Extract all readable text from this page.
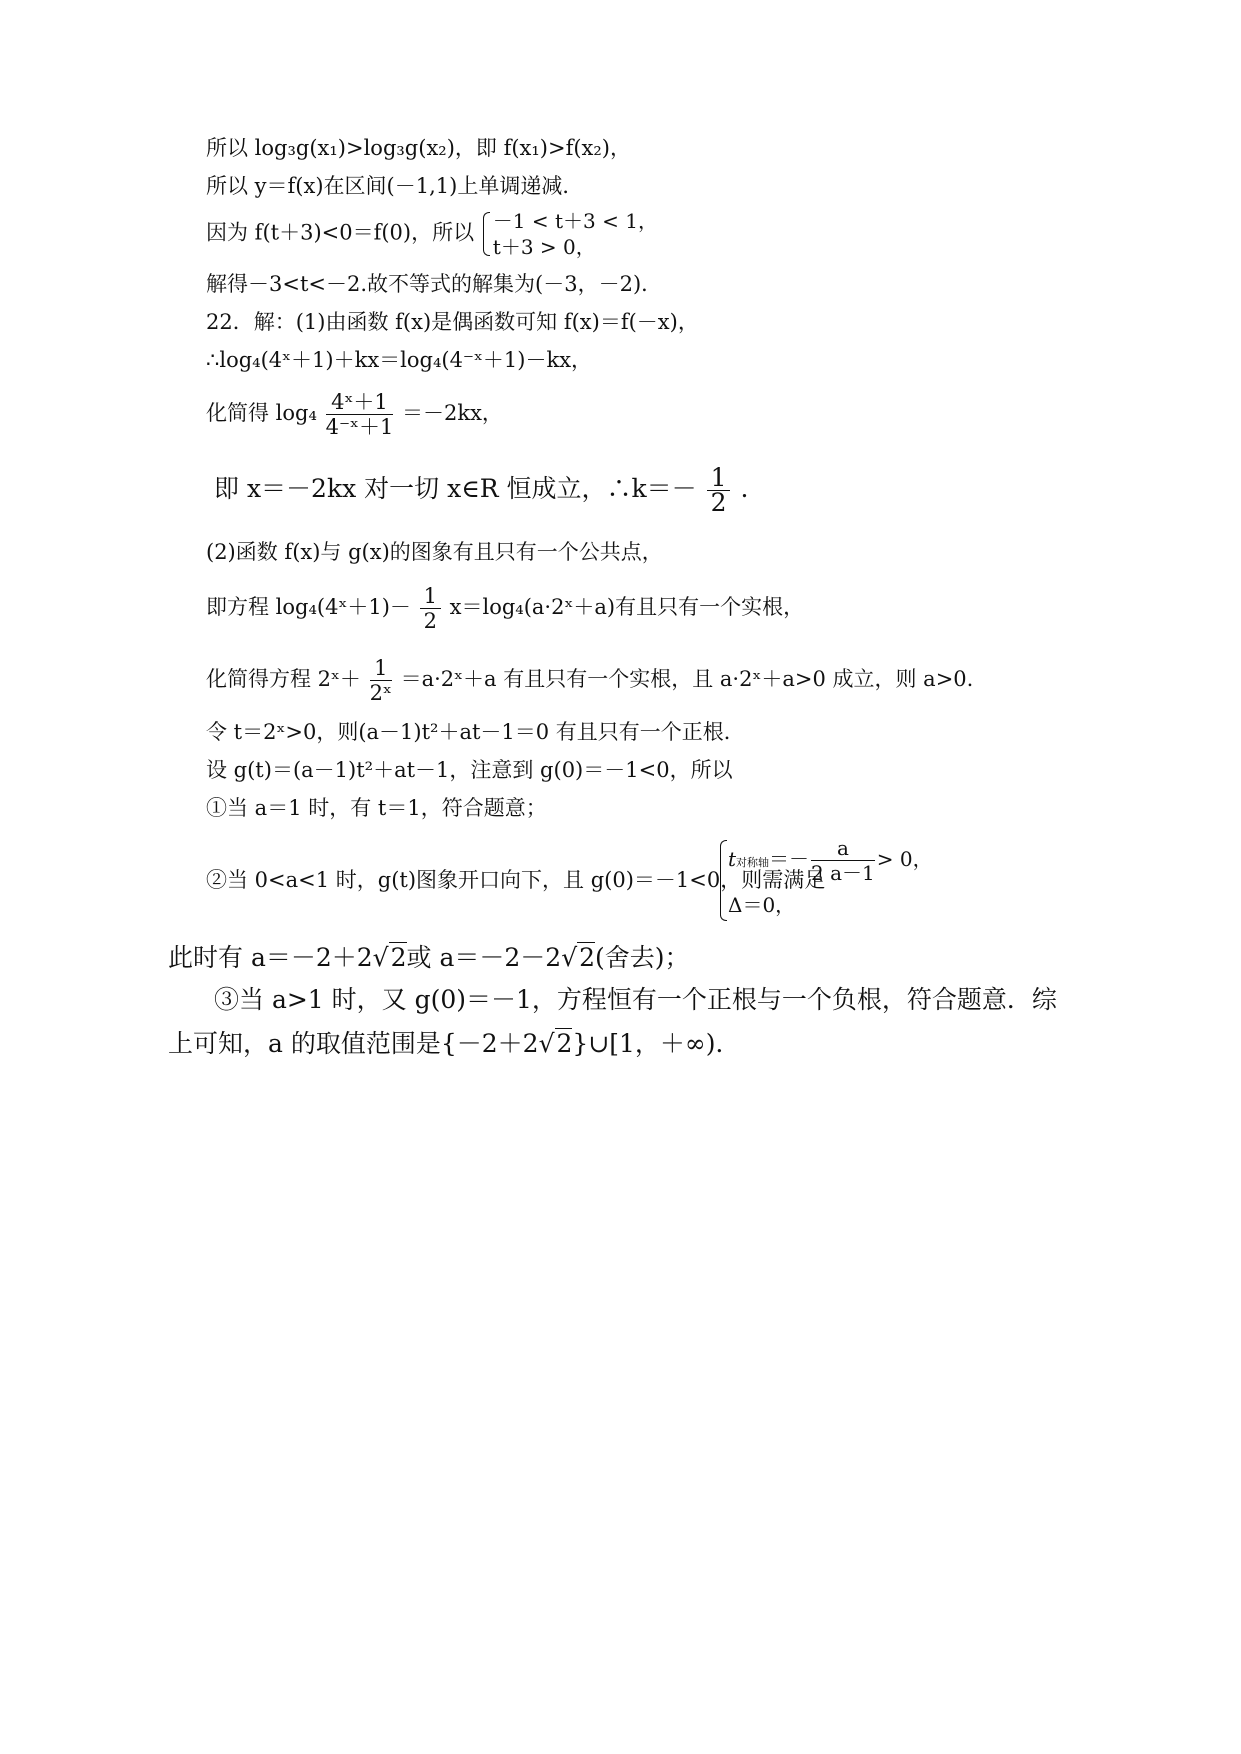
所以 log₃g(x₁)>log₃g(x₂)，即 f(x₁)>f(x₂)，
所以 y＝f(x)在区间(－1,1)上单调递减．
因为 f(t＋3)<0＝f(0)，所以 －1 < t＋3 < 1，
t＋3 > 0，
解得－3<t<－2.故不等式的解集为(－3，－2)．
22．解：(1)由函数 f(x)是偶函数可知 f(x)＝f(－x)，
∴log₄(4ˣ＋1)＋kx＝log₄(4⁻ˣ＋1)－kx，
化简得 $\log_4 \frac{\text{4ˣ＋1}}{\text{4⁻ˣ＋1}} =-2kx$，
即 x＝－2kx 对一切 x∈R 恒成立，∴k＝－ $\frac{1}{2}$ .
(2)函数 f(x)与 g(x)的图象有且只有一个公共点，
即方程 log₄(4ˣ＋1)－ $\frac{1}{2}$ x＝log₄(a·2ˣ＋a)有且只有一个实根，
化简得方程 2ˣ＋ $\frac{1}{\text{2ˣ}}$ ＝a·2ˣ＋a 有且只有一个实根，且 a·2ˣ＋a>0 成立，则 a>0.
令 t＝2ˣ>0，则(a－1)t²＋at－1＝0 有且只有一个正根．
设 g(t)＝(a－1)t²＋at－1，注意到 g(0)＝－1<0，所以
①当 a＝1 时，有 t＝1，符合题意；
②当 0<a<1 时，g(t)图象开口向下，且 g(0)＝－1<0，则需满足
t对称轴＝－ $\frac{a}{2 a-1} > 0$，
Δ＝0，
此时有 a＝－2＋2√2或 a＝－2－2√2(舍去)；
③当 a>1 时，又 g(0)＝－1，方程恒有一个正根与一个负根，符合题意．综
上可知，a 的取值范围是{－2＋2√2}∪[1，＋∞)．
